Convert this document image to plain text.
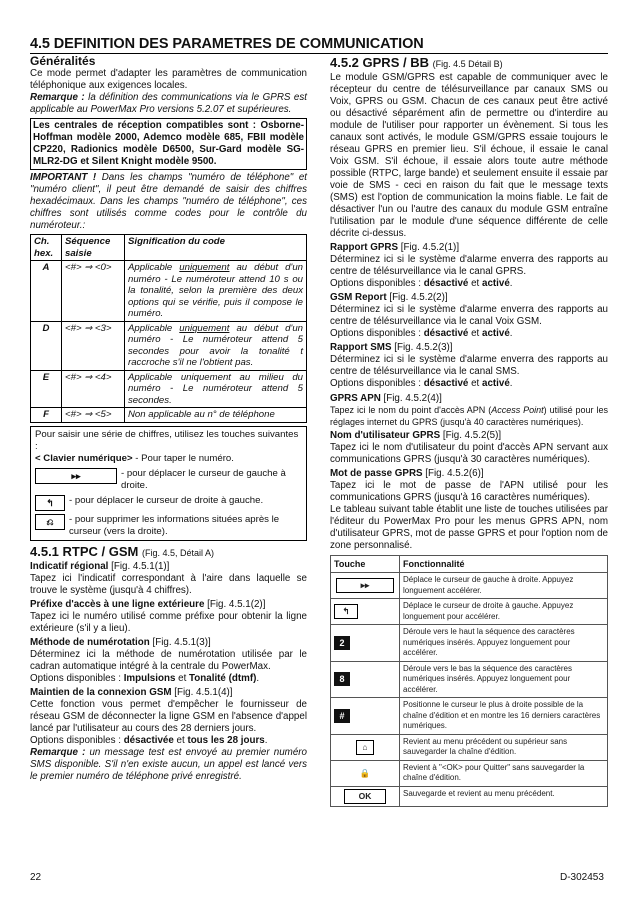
4.5 DEFINITION DES PARAMETRES DE COMMUNICATION

Généralités

Ce mode permet d'adapter les paramètres de communication téléphonique aux exigences locales.

Remarque : la définition des communications via le GPRS est applicable au PowerMax Pro versions 5.2.07 et supérieures.

Les centrales de réception compatibles sont : Osborne-Hoffman modèle 2000, Ademco modèle 685, FBII modèle CP220, Radionics modèle D6500, Sur-Gard modèle SG-MLR2-DG et Silent Knight modèle 9500.

IMPORTANT ! Dans les champs "numéro de téléphone" et "numéro client", il peut être demandé de saisir des chiffres hexadécimaux. Dans les champs "numéro de téléphone", ces chiffres sont utilisés comme codes pour le contrôle du numéroteur.:

Ch. hex.	Séquence saisie	Signification du code
A	<#> ⇒ <0>	Applicable uniquement au début d'un numéro - Le numéroteur attend 10 s ou la tonalité, selon la première des deux options qui se vérifie, puis il compose le numéro.
D	<#> ⇒ <3>	Applicable uniquement au début d'un numéro - Le numéroteur attend 5 secondes pour avoir la tonalité t raccroche s'il ne l'obtient pas.
E	<#> ⇒ <4>	Applicable uniquement au milieu du numéro - Le numéroteur attend 5 secondes.
F	<#> ⇒ <5>	Non applicable au n° de téléphone
Pour saisir une série de chiffres, utilisez les touches suivantes :
< Clavier numérique> - Pour taper le numéro.
▸▸	- pour déplacer le curseur de gauche à droite.
↰	- pour déplacer le curseur de droite à gauche.
⎌	- pour supprimer les informations situées après le curseur (vers la droite).

4.5.1 RTPC / GSM (Fig. 4.5, Détail A)

Indicatif régional [Fig. 4.5.1(1)]

Tapez ici l'indicatif correspondant à l'aire dans laquelle se trouve le système (jusqu'à 4 chiffres).

Préfixe d'accès à une ligne extérieure [Fig. 4.5.1(2)]

Tapez ici le numéro utilisé comme préfixe pour obtenir la ligne extérieure (s'il y a lieu).

Méthode de numérotation [Fig. 4.5.1(3)]

Déterminez ici la méthode de numérotation utilisée par le cadran automatique intégré à la centrale du PowerMax.

Options disponibles : Impulsions et Tonalité (dtmf).

Maintien de la connexion GSM [Fig. 4.5.1(4)]

Cette fonction vous permet d'empêcher le fournisseur de réseau GSM de déconnecter la ligne GSM en l'absence d'appel lancé par l'utilisateur au cours des 28 derniers jours.

Options disponibles : désactivée et tous les 28 jours.

Remarque : un message test est envoyé au premier numéro SMS disponible. S'il n'en existe aucun, un appel est lancé vers le premier numéro de téléphone privé enregistré.

4.5.2 GPRS / BB (Fig. 4.5 Détail B)

Le module GSM/GPRS est capable de communiquer avec le récepteur du centre de télésurveillance par canaux SMS ou Voix, GPRS ou GSM. Chacun de ces canaux peut être activé ou désactivé séparément afin de permettre ou d'interdire au module de l'utiliser pour rapporter un évènement. Si tous les canaux sont activés, le module GSM/GPRS essaie toujours le réseau GPRS en premier lieu. S'il échoue, il essaie le canal Voix GSM. S'il échoue, il essaie alors toute autre méthode possible (RTPC, large bande) et seulement ensuite il essaie par voie de SMS - ceci en raison du fait que le message texts (SMS) est l'option de communication la moins fiable. Le fait de désactiver l'un ou l'autre des canaux du module GSM entraîne l'utilisation par le module d'une séquence différente de celle décrite ci-dessus.

Rapport GPRS [Fig. 4.5.2(1)]

Déterminez ici si le système d'alarme enverra des rapports au centre de télésurveillance via le canal GPRS.

Options disponibles : désactivé et activé.

GSM Report [Fig. 4.5.2(2)]

Déterminez ici si le système d'alarme enverra des rapports au centre de télésurveillance via le canal Voix GSM.

Options disponibles : désactivé et activé.

Rapport SMS [Fig. 4.5.2(3)]

Déterminez ici si le système d'alarme enverra des rapports au centre de télésurveillance via le canal SMS.

Options disponibles : désactivé et activé.

GPRS APN [Fig. 4.5.2(4)]

Tapez ici le nom du point d'accès APN (Access Point) utilisé pour les réglages internet du GPRS (jusqu'à 40 caractères numériques).

Nom d'utilisateur GPRS [Fig. 4.5.2(5)]

Tapez ici le nom d'utilisateur du point d'accès APN servant aux communications GPRS (jusqu'à 30 caractères numériques).

Mot de passe GPRS [Fig. 4.5.2(6)]

Tapez ici le mot de passe de l'APN utilisé pour les communications GPRS (jusqu'à 16 caractères numériques).

Le tableau suivant table établit une liste de touches utilisées par l'éditeur du PowerMax Pro pour les menus GPRS APN, nom d'utilisateur GPRS, mot de passe GPRS et pour l'option nom de zone personnalisé.

Touche	Fonctionnalité
▸▸	Déplace le curseur de gauche à droite. Appuyez longuement accélérer.
↰	Déplace le curseur de droite à gauche. Appuyez longuement pour accélérer.
2	Déroule vers le haut la séquence des caractères numériques insérés. Appuyez longuement pour accélérer.
8	Déroule vers le bas la séquence des caractères numériques insérés. Appuyez longuement pour accélérer.
#	Positionne le curseur le plus à droite possible de la chaîne d'édition et en montre les 16 derniers caractères numériques.
⌂	Revient au menu précédent ou supérieur sans sauvegarder la chaîne d'édition.
🔒	Revient à "<OK> pour Quitter" sans sauvegarder la chaîne d'édition.
OK	Sauvegarde et revient au menu précédent.
22	D-302453
